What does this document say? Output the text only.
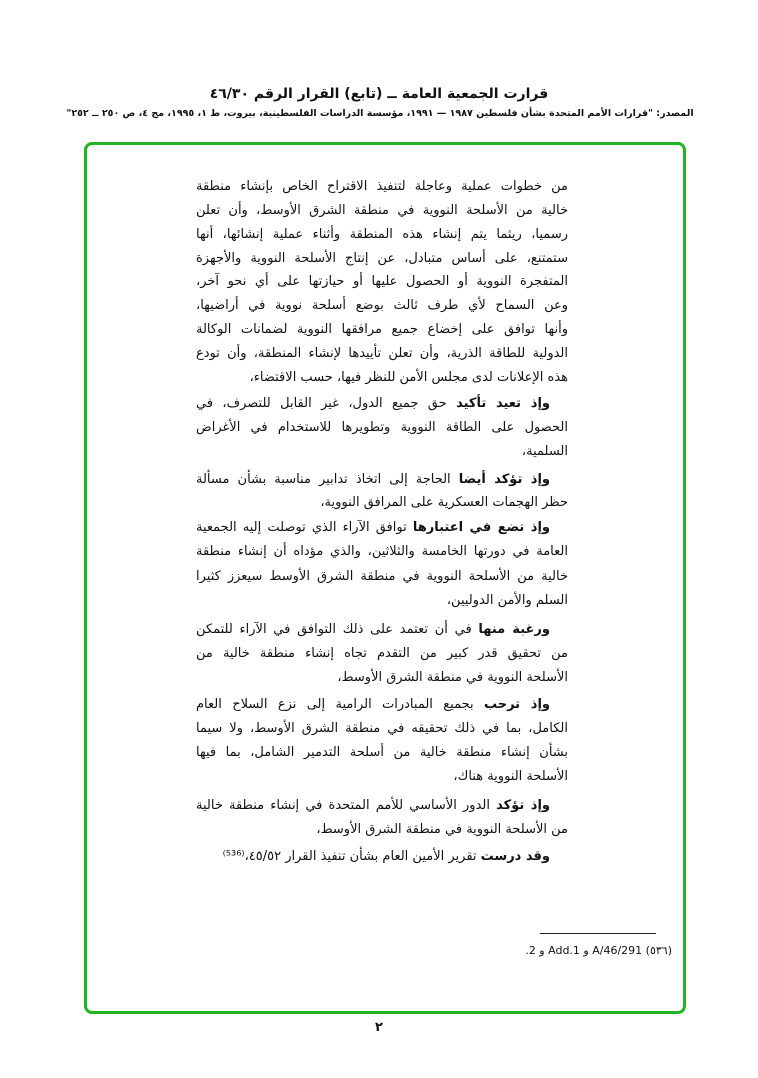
قرارت الجمعية العامة ــ (تابع) القرار الرقم ٤٦/٣٠
المصدر: "قرارات الأمم المتحدة بشأن فلسطين ١٩٨٧ — ١٩٩١، مؤسسة الدراسات الفلسطينية، بيروت، ط ١، ١٩٩٥، مج ٤، ص ٢٥٠ ــ ٢٥٢"
من خطوات عملية وعاجلة لتنفيذ الاقتراح الخاص بإنشاء منطقة
خالية من الأسلحة النووية في منطقة الشرق الأوسط، وأن تعلن
رسميا، ريثما يتم إنشاء هذه المنطقة وأثناء عملية إنشائها، أنها
ستمتنع، على أساس متبادل، عن إنتاج الأسلحة النووية والأجهزة
المتفجرة النووية أو الحصول عليها أو حيازتها على أي نحو آخر،
وعن السماح لأي طرف ثالث بوضع أسلحة نووية في أراضيها،
وأنها توافق على إخضاع جميع مرافقها النووية لضمانات الوكالة
الدولية للطاقة الذرية، وأن تعلن تأييدها لإنشاء المنطقة، وأن تودع
هذه الإعلانات لدى مجلس الأمن للنظر فيها، حسب الاقتضاء،
وإذ تعيد تأكيد حق جميع الدول، غير القابل للتصرف، في
الحصول على الطاقة النووية وتطويرها للاستخدام في الأغراض
السلمية،
وإذ تؤكد أيضا الحاجة إلى اتخاذ تدابير مناسبة بشأن مسألة
حظر الهجمات العسكرية على المرافق النووية،
وإذ تضع في اعتبارها توافق الآراء الذي توصلت إليه الجمعية
العامة في دورتها الخامسة والثلاثين، والذي مؤداه أن إنشاء منطقة
خالية من الأسلحة النووية في منطقة الشرق الأوسط سيعزز كثيرا
السلم والأمن الدوليين،
ورغبة منها في أن تعتمد على ذلك التوافق في الآراء للتمكن
من تحقيق قدر كبير من التقدم تجاه إنشاء منطقة خالية من
الأسلحة النووية في منطقة الشرق الأوسط،
وإذ ترحب بجميع المبادرات الرامية إلى نزع السلاح العام
الكامل، بما في ذلك تحقيقه في منطقة الشرق الأوسط، ولا سيما
بشأن إنشاء منطقة خالية من أسلحة التدمير الشامل، بما فيها
الأسلحة النووية هناك،
وإذ تؤكد الدور الأساسي للأمم المتحدة في إنشاء منطقة خالية
من الأسلحة النووية في منطقة الشرق الأوسط،
وقد درست تقرير الأمين العام بشأن تنفيذ القرار ٤٥/٥٢،⁽⁵³⁶⁾
(٥٣٦) A/46/291 و Add.1 و 2.
٢
